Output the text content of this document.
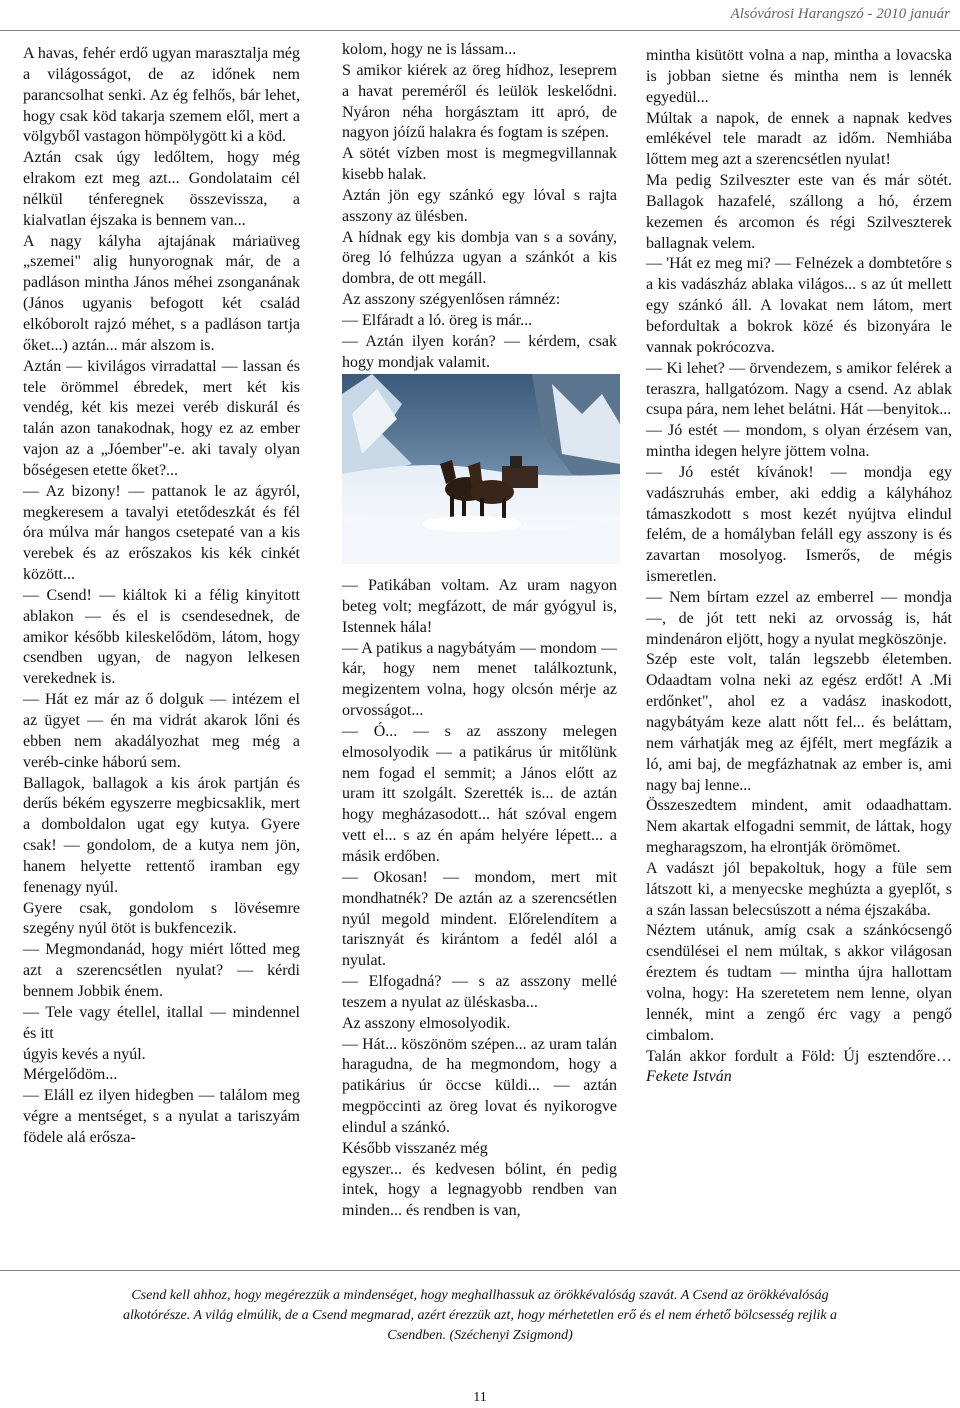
Alsóvárosi Harangszó - 2010 január

A havas, fehér erdő ugyan marasztalja még a világosságot, de az időnek nem parancsolhat senki. Az ég felhős, bár lehet, hogy csak köd takarja szemem elől, mert a völgyből vastagon hömpölygött ki a köd.

Aztán csak úgy ledőltem, hogy még elrakom ezt meg azt... Gondolataim cél nélkül ténferegnek összevissza, a kialvatlan éjszaka is bennem van...

A nagy kályha ajtajának máriaüveg „szemei" alig hunyorognak már, de a padláson mintha János méhei zsonganának (János ugyanis befogott két család elkóborolt rajzó méhet, s a padláson tartja őket...) aztán... már alszom is.

Aztán — kivilágos virradattal — lassan és tele örömmel ébredek, mert két kis vendég, két kis mezei veréb diskurál és talán azon tanakodnak, hogy ez az ember vajon az a „Jóember"-e. aki tavaly olyan bőségesen etette őket?...

— Az bizony! — pattanok le az ágyról, megkeresem a tavalyi etetődeszkát és fél óra múlva már hangos csetepaté van a kis verebek és az erőszakos kis kék cinkét között...

— Csend! — kiáltok ki a félig kinyitott ablakon — és el is csendesednek, de amikor később kileskelődöm, látom, hogy csendben ugyan, de nagyon lelkesen verekednek is.

— Hát ez már az ő dolguk — intézem el az ügyet — én ma vidrát akarok lőni és ebben nem akadályozhat meg még a veréb-cinke háború sem.

Ballagok, ballagok a kis árok partján és derűs békém egyszerre megbicsaklik, mert a domboldalon ugat egy kutya. Gyere csak! — gondolom, de a kutya nem jön, hanem helyette rettentő iramban egy fenenagy nyúl.

Gyere csak, gondolom s lövésemre szegény nyúl ötöt is bukfencezik.

— Megmondanád, hogy miért lőtted meg azt a szerencsétlen nyulat? — kérdi bennem Jobbik énem.

— Tele vagy étellel, itallal — mindennel és itt

úgyis kevés a nyúl.

Mérgelődöm...

— Eláll ez ilyen hidegben — találom meg végre a mentséget, s a nyulat a tariszyám födele alá erősza-

kolom, hogy ne is lássam...

S amikor kiérek az öreg hídhoz, leseprem a havat pereméről és leülök leskelődni. Nyáron néha horgásztam itt apró, de nagyon jóízű halakra és fogtam is szépen.

A sötét vízben most is megmegvillannak kisebb halak.

Aztán jön egy szánkó egy lóval s rajta asszony az ülésben.

A hídnak egy kis dombja van s a sovány, öreg ló felhúzza ugyan a szánkót a kis dombra, de ott megáll.

Az asszony szégyenlősen rámnéz:

— Elfáradt a ló. öreg is már...

— Aztán ilyen korán? — kérdem, csak hogy mondjak valamit.

— Patikában voltam. Az uram nagyon beteg volt; megfázott, de már gyógyul is, Istennek hála!

— A patikus a nagybátyám — mondom — kár, hogy nem menet találkoztunk, megizentem volna, hogy olcsón mérje az orvosságot...

— Ó... — s az asszony melegen elmosolyodik — a patikárus úr mitőlünk nem fogad el semmit; a János előtt az uram itt szolgált. Szerették is... de aztán hogy megházasodott... hát szóval engem vett el... s az én apám helyére lépett... a másik erdőben.

— Okosan! — mondom, mert mit mondhatnék? De aztán az a szerencsétlen nyúl megold mindent. Előrelendítem a tarisznyát és kirántom a fedél alól a nyulat.

— Elfogadná? — s az asszony mellé teszem a nyulat az üléskasba...

Az asszony elmosolyodik.

— Hát... köszönöm szépen... az uram talán haragudna, de ha megmondom, hogy a patikárius úr öccse küldi... — aztán megpöccinti az öreg lovat és nyikorogve elindul a szánkó.

Később visszanéz még

egyszer... és kedvesen bólint, én pedig intek, hogy a legnagyobb rendben van minden... és rendben is van,

mintha kisütött volna a nap, mintha a lovacska is jobban sietne és mintha nem is lennék egyedül...

Múltak a napok, de ennek a napnak kedves emlékével tele maradt az időm. Nemhiába lőttem meg azt a szerencsétlen nyulat!

Ma pedig Szilveszter este van és már sötét. Ballagok hazafelé, szállong a hó, érzem kezemen és arcomon és régi Szilveszterek ballagnak velem.

— 'Hát ez meg mi? — Felnézek a dombtetőre s a kis vadászház ablaka világos... s az út mellett egy szánkó áll. A lovakat nem látom, mert befordultak a bokrok közé és bizonyára le vannak pokrócozva.

— Ki lehet? — örvendezem, s amikor felérek a teraszra, hallgatózom. Nagy a csend. Az ablak csupa pára, nem lehet belátni. Hát —benyitok...

— Jó estét — mondom, s olyan érzésem van, mintha idegen helyre jöttem volna.

— Jó estét kívánok! — mondja egy vadászruhás ember, aki eddig a kályhához támaszkodott s most kezét nyújtva elindul felém, de a homályban feláll egy asszony is és zavartan mosolyog. Ismerős, de mégis ismeretlen.

— Nem bírtam ezzel az emberrel — mondja —, de jót tett neki az orvosság is, hát mindenáron eljött, hogy a nyulat megköszönje.

Szép este volt, talán legszebb életemben. Odaadtam volna neki az egész erdőt! A .Mi erdőnket", ahol ez a vadász inaskodott, nagybátyám keze alatt nőtt fel... és beláttam, nem várhatják meg az éjfélt, mert megfázik a ló, ami baj, de megfázhatnak az ember is, ami nagy baj lenne...

Összeszedtem mindent, amit odaadhattam. Nem akartak elfogadni semmit, de láttak, hogy megharagszom, ha elrontják örömömet.

A vadászt jól bepakoltuk, hogy a füle sem látszott ki, a menyecske meghúzta a gyeplőt, s a szán lassan belecsúszott a néma éjszakába.

Néztem utánuk, amíg csak a szánkócsengő csendülései el nem múltak, s akkor világosan éreztem és tudtam — mintha újra hallottam volna, hogy: Ha szeretetem nem lenne, olyan lennék, mint a zengő érc vagy a pengő cimbalom.

Talán akkor fordult a Föld: Új esztendőre… Fekete István

Csend kell ahhoz, hogy megérezzük a mindenséget, hogy meghallhassuk az örökkévalóság szavát. A Csend az örökkévalóság alkotórésze. A világ elmúlik, de a Csend megmarad, azért érezzük azt, hogy mérhetetlen erő és el nem érhető bölcsesség rejlik a Csendben. (Széchenyi Zsigmond)
11
